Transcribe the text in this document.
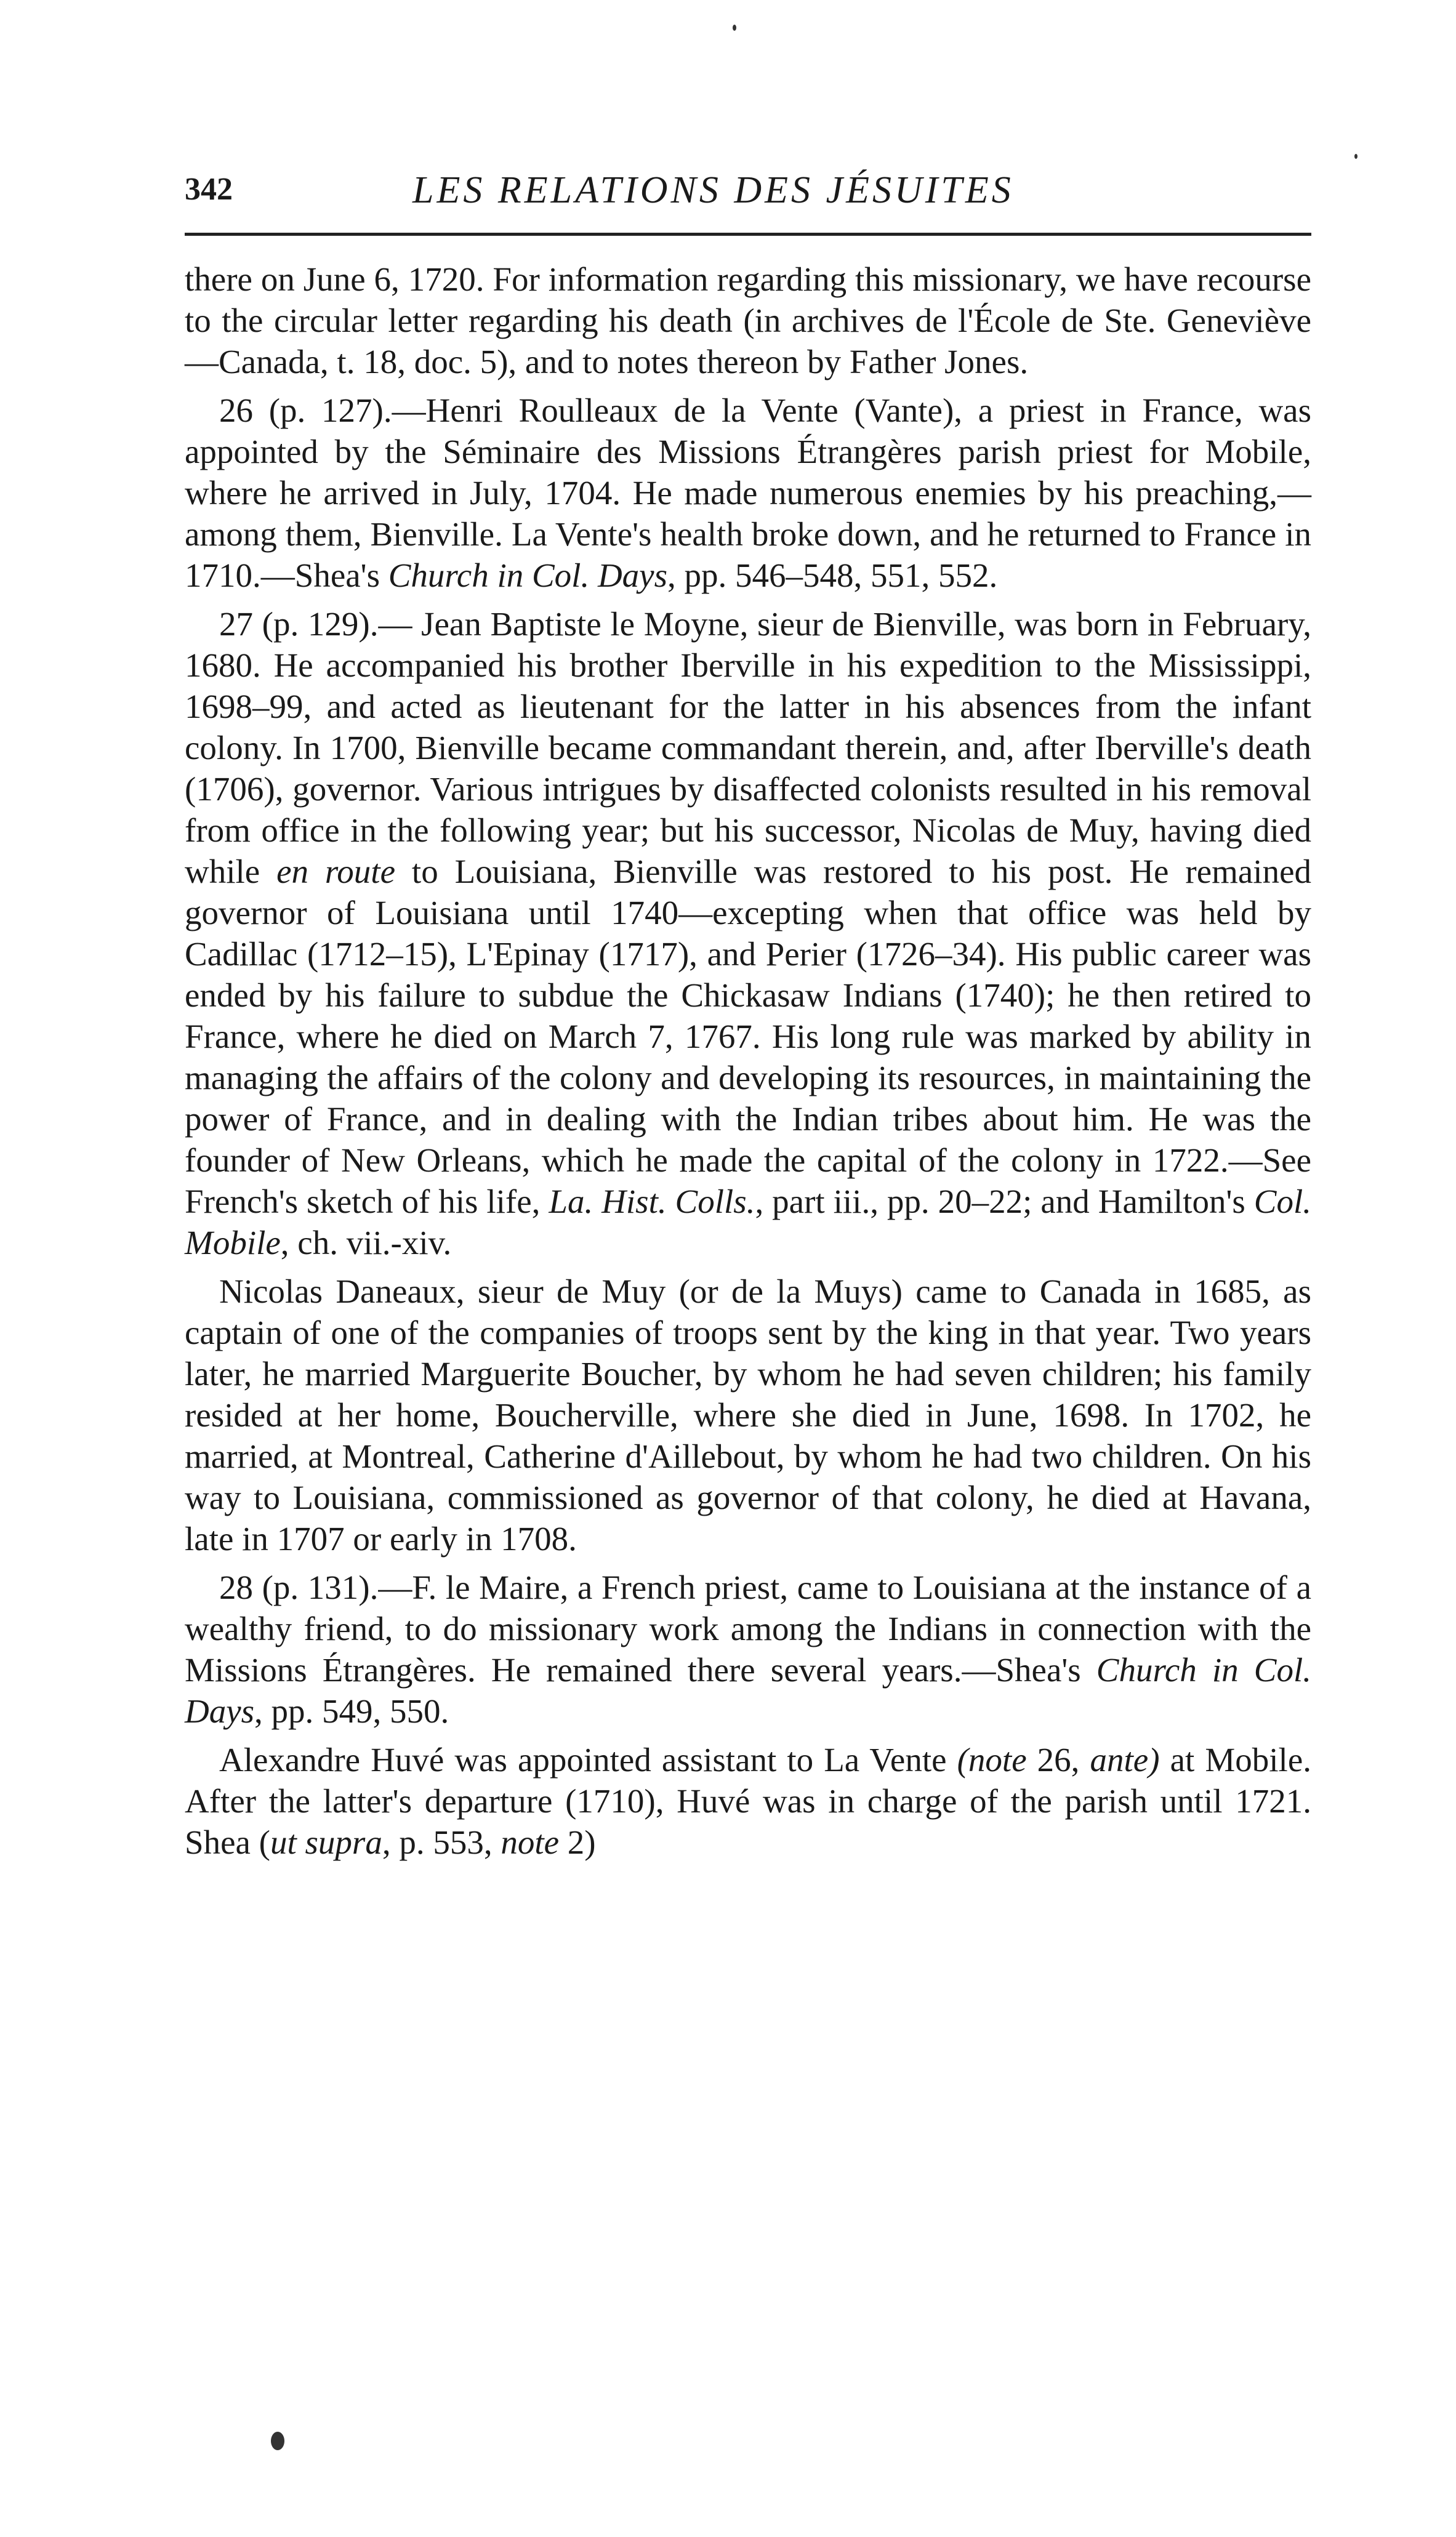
342	LES RELATIONS DES JÉSUITES

there on June 6, 1720. For information regarding this missionary, we have recourse to the circular letter regarding his death (in archives de l'École de Ste. Geneviève—Canada, t. 18, doc. 5), and to notes thereon by Father Jones.

26 (p. 127).—Henri Roulleaux de la Vente (Vante), a priest in France, was appointed by the Séminaire des Missions Étrangères parish priest for Mobile, where he arrived in July, 1704. He made numerous enemies by his preaching,—among them, Bienville. La Vente's health broke down, and he returned to France in 1710.—Shea's Church in Col. Days, pp. 546–548, 551, 552.

27 (p. 129).— Jean Baptiste le Moyne, sieur de Bienville, was born in February, 1680. He accompanied his brother Iberville in his expedition to the Mississippi, 1698–99, and acted as lieutenant for the latter in his absences from the infant colony. In 1700, Bienville became commandant therein, and, after Iberville's death (1706), governor. Various intrigues by disaffected colonists resulted in his removal from office in the following year; but his successor, Nicolas de Muy, having died while en route to Louisiana, Bienville was restored to his post. He remained governor of Louisiana until 1740—excepting when that office was held by Cadillac (1712–15), L'Epinay (1717), and Perier (1726–34). His public career was ended by his failure to subdue the Chickasaw Indians (1740); he then retired to France, where he died on March 7, 1767. His long rule was marked by ability in managing the affairs of the colony and developing its resources, in maintaining the power of France, and in dealing with the Indian tribes about him. He was the founder of New Orleans, which he made the capital of the colony in 1722.—See French's sketch of his life, La. Hist. Colls., part iii., pp. 20–22; and Hamilton's Col. Mobile, ch. vii.-xiv.

Nicolas Daneaux, sieur de Muy (or de la Muys) came to Canada in 1685, as captain of one of the companies of troops sent by the king in that year. Two years later, he married Marguerite Boucher, by whom he had seven children; his family resided at her home, Boucherville, where she died in June, 1698. In 1702, he married, at Montreal, Catherine d'Aillebout, by whom he had two children. On his way to Louisiana, commissioned as governor of that colony, he died at Havana, late in 1707 or early in 1708.

28 (p. 131).—F. le Maire, a French priest, came to Louisiana at the instance of a wealthy friend, to do missionary work among the Indians in connection with the Missions Étrangères. He remained there several years.—Shea's Church in Col. Days, pp. 549, 550.

Alexandre Huvé was appointed assistant to La Vente (note 26, ante) at Mobile. After the latter's departure (1710), Huvé was in charge of the parish until 1721. Shea (ut supra, p. 553, note 2)
